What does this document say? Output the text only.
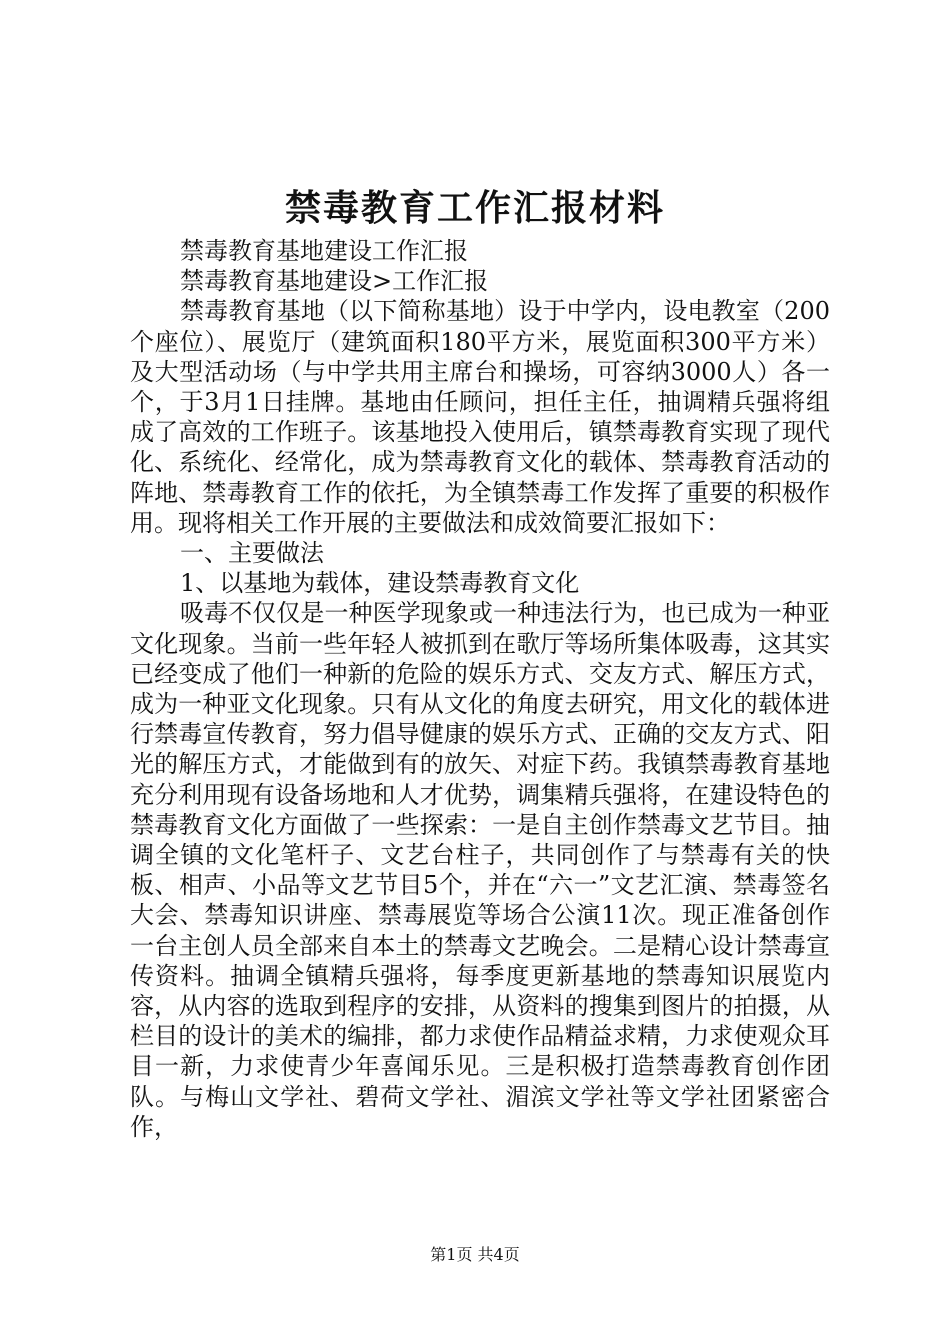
禁毒教育工作汇报材料

禁毒教育基地建设工作汇报

禁毒教育基地建设>工作汇报

禁毒教育基地（以下简称基地）设于中学内，设电教室（200个座位）、展览厅（建筑面积180平方米，展览面积300平方米）及大型活动场（与中学共用主席台和操场，可容纳3000人）各一个，于3月1日挂牌。基地由任顾问，担任主任，抽调精兵强将组成了高效的工作班子。该基地投入使用后，镇禁毒教育实现了现代化、系统化、经常化，成为禁毒教育文化的载体、禁毒教育活动的阵地、禁毒教育工作的依托，为全镇禁毒工作发挥了重要的积极作用。现将相关工作开展的主要做法和成效简要汇报如下：

一、主要做法

1、以基地为载体，建设禁毒教育文化

吸毒不仅仅是一种医学现象或一种违法行为，也已成为一种亚文化现象。当前一些年轻人被抓到在歌厅等场所集体吸毒，这其实已经变成了他们一种新的危险的娱乐方式、交友方式、解压方式，成为一种亚文化现象。只有从文化的角度去研究，用文化的载体进行禁毒宣传教育，努力倡导健康的娱乐方式、正确的交友方式、阳光的解压方式，才能做到有的放矢、对症下药。我镇禁毒教育基地充分利用现有设备场地和人才优势，调集精兵强将，在建设特色的禁毒教育文化方面做了一些探索：一是自主创作禁毒文艺节目。抽调全镇的文化笔杆子、文艺台柱子，共同创作了与禁毒有关的快板、相声、小品等文艺节目5个，并在“六一”文艺汇演、禁毒签名大会、禁毒知识讲座、禁毒展览等场合公演11次。现正准备创作一台主创人员全部来自本土的禁毒文艺晚会。二是精心设计禁毒宣传资料。抽调全镇精兵强将，每季度更新基地的禁毒知识展览内容，从内容的选取到程序的安排，从资料的搜集到图片的拍摄，从栏目的设计的美术的编排，都力求使作品精益求精，力求使观众耳目一新，力求使青少年喜闻乐见。三是积极打造禁毒教育创作团队。与梅山文学社、碧荷文学社、湄滨文学社等文学社团紧密合作，

第1页 共4页
